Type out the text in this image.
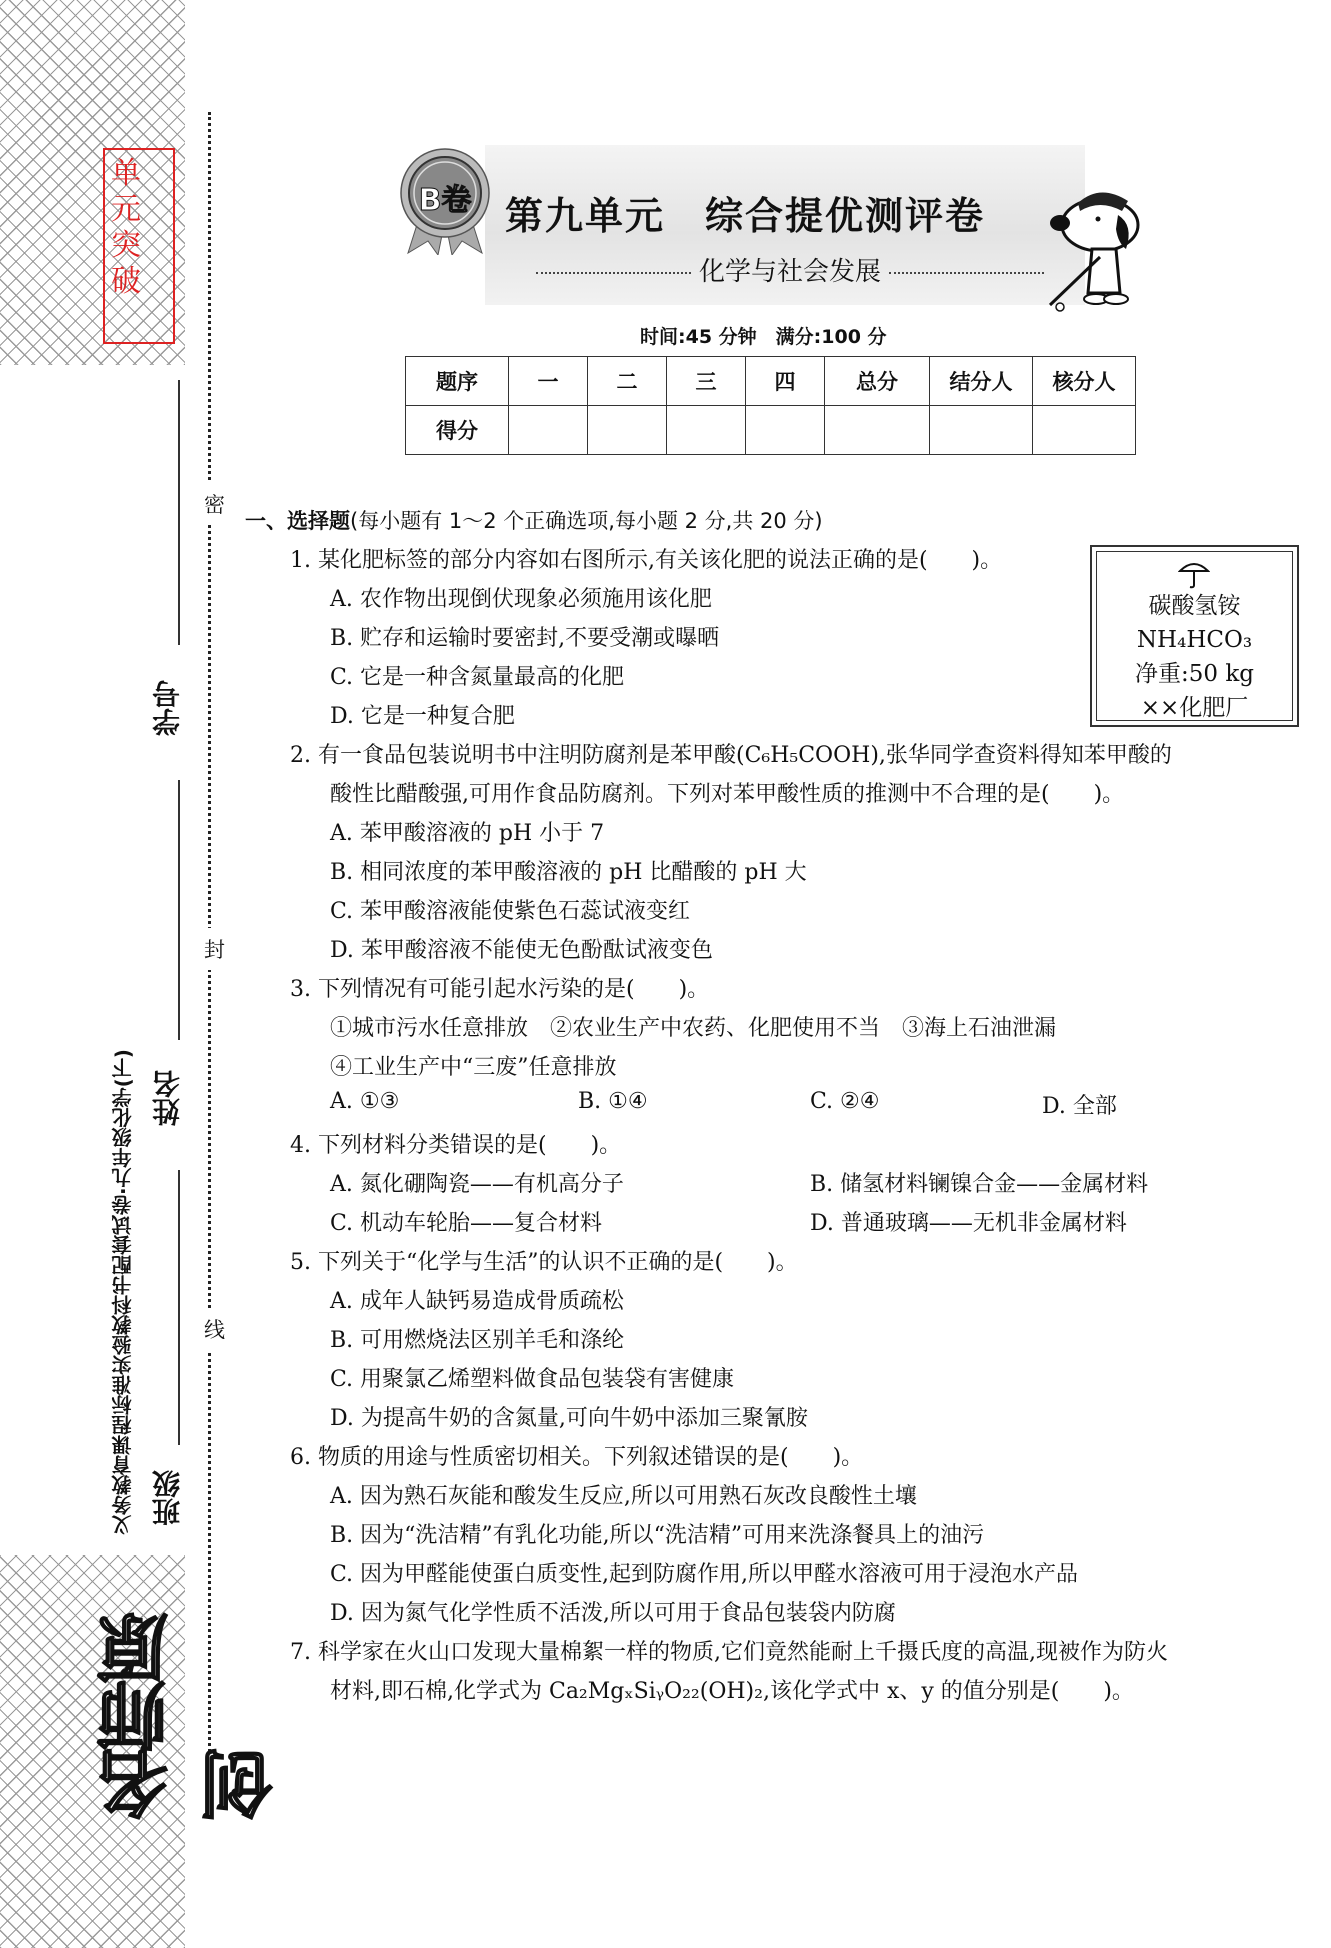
单
元
突
破
密
封
线
学号
姓名
班级
义务教育课程标准实验教科书配套试卷·九年级化学(下)
名师原创
B卷 第九单元　综合提优测评卷
化学与社会发展
时间:45 分钟　满分:100 分
题序	一	二	三	四	总分	结分人	核分人
得分							
一、选择题(每小题有 1～2 个正确选项,每小题 2 分,共 20 分)
碳酸氢铵
NH₄HCO₃
净重:50 kg
××化肥厂
1. 某化肥标签的部分内容如右图所示,有关该化肥的说法正确的是(　　)。
A. 农作物出现倒伏现象必须施用该化肥
B. 贮存和运输时要密封,不要受潮或曝晒
C. 它是一种含氮量最高的化肥
D. 它是一种复合肥
2. 有一食品包装说明书中注明防腐剂是苯甲酸(C₆H₅COOH),张华同学查资料得知苯甲酸的
酸性比醋酸强,可用作食品防腐剂。下列对苯甲酸性质的推测中不合理的是(　　)。
A. 苯甲酸溶液的 pH 小于 7
B. 相同浓度的苯甲酸溶液的 pH 比醋酸的 pH 大
C. 苯甲酸溶液能使紫色石蕊试液变红
D. 苯甲酸溶液不能使无色酚酞试液变色
3. 下列情况有可能引起水污染的是(　　)。
①城市污水任意排放　②农业生产中农药、化肥使用不当　③海上石油泄漏
④工业生产中“三废”任意排放
A. ①③	B. ①④	C. ②④	D. 全部
4. 下列材料分类错误的是(　　)。
A. 氮化硼陶瓷——有机高分子	B. 储氢材料镧镍合金——金属材料
C. 机动车轮胎——复合材料	D. 普通玻璃——无机非金属材料
5. 下列关于“化学与生活”的认识不正确的是(　　)。
A. 成年人缺钙易造成骨质疏松
B. 可用燃烧法区别羊毛和涤纶
C. 用聚氯乙烯塑料做食品包装袋有害健康
D. 为提高牛奶的含氮量,可向牛奶中添加三聚氰胺
6. 物质的用途与性质密切相关。下列叙述错误的是(　　)。
A. 因为熟石灰能和酸发生反应,所以可用熟石灰改良酸性土壤
B. 因为“洗洁精”有乳化功能,所以“洗洁精”可用来洗涤餐具上的油污
C. 因为甲醛能使蛋白质变性,起到防腐作用,所以甲醛水溶液可用于浸泡水产品
D. 因为氮气化学性质不活泼,所以可用于食品包装袋内防腐
7. 科学家在火山口发现大量棉絮一样的物质,它们竟然能耐上千摄氏度的高温,现被作为防火
材料,即石棉,化学式为 Ca₂MgₓSiᵧO₂₂(OH)₂,该化学式中 x、y 的值分别是(　　)。
